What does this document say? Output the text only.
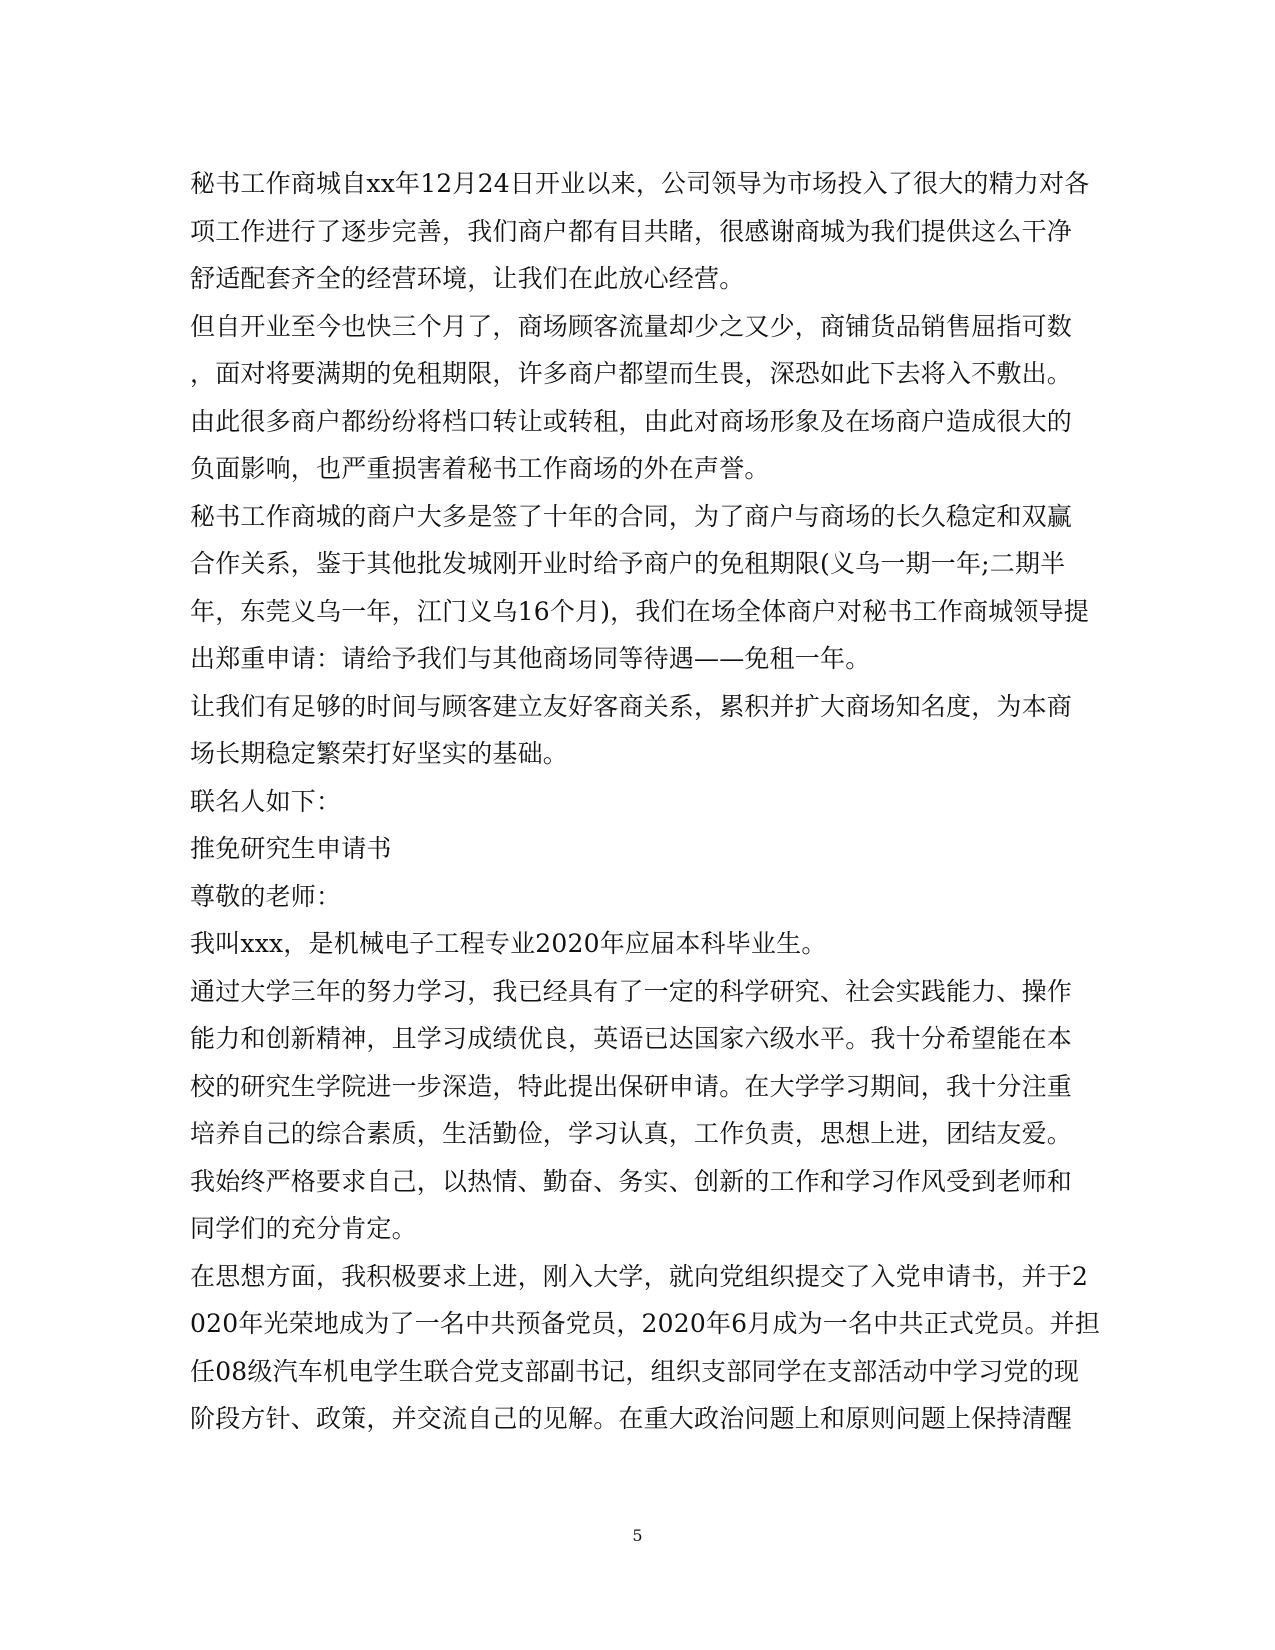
秘书工作商城自xx年12月24日开业以来，公司领导为市场投入了很大的精力对各
项工作进行了逐步完善，我们商户都有目共睹，很感谢商城为我们提供这么干净
舒适配套齐全的经营环境，让我们在此放心经营。
但自开业至今也快三个月了，商场顾客流量却少之又少，商铺货品销售屈指可数
，面对将要满期的免租期限，许多商户都望而生畏，深恐如此下去将入不敷出。
由此很多商户都纷纷将档口转让或转租，由此对商场形象及在场商户造成很大的
负面影响，也严重损害着秘书工作商场的外在声誉。
秘书工作商城的商户大多是签了十年的合同，为了商户与商场的长久稳定和双赢
合作关系，鉴于其他批发城刚开业时给予商户的免租期限(义乌一期一年;二期半
年，东莞义乌一年，江门义乌16个月)，我们在场全体商户对秘书工作商城领导提
出郑重申请：请给予我们与其他商场同等待遇——免租一年。
让我们有足够的时间与顾客建立友好客商关系，累积并扩大商场知名度，为本商
场长期稳定繁荣打好坚实的基础。
联名人如下：
推免研究生申请书
尊敬的老师：
我叫xxx，是机械电子工程专业2020年应届本科毕业生。
通过大学三年的努力学习，我已经具有了一定的科学研究、社会实践能力、操作
能力和创新精神，且学习成绩优良，英语已达国家六级水平。我十分希望能在本
校的研究生学院进一步深造，特此提出保研申请。在大学学习期间，我十分注重
培养自己的综合素质，生活勤俭，学习认真，工作负责，思想上进，团结友爱。
我始终严格要求自己，以热情、勤奋、务实、创新的工作和学习作风受到老师和
同学们的充分肯定。
在思想方面，我积极要求上进，刚入大学，就向党组织提交了入党申请书，并于2
020年光荣地成为了一名中共预备党员，2020年6月成为一名中共正式党员。并担
任08级汽车机电学生联合党支部副书记，组织支部同学在支部活动中学习党的现
阶段方针、政策，并交流自己的见解。在重大政治问题上和原则问题上保持清醒
5
